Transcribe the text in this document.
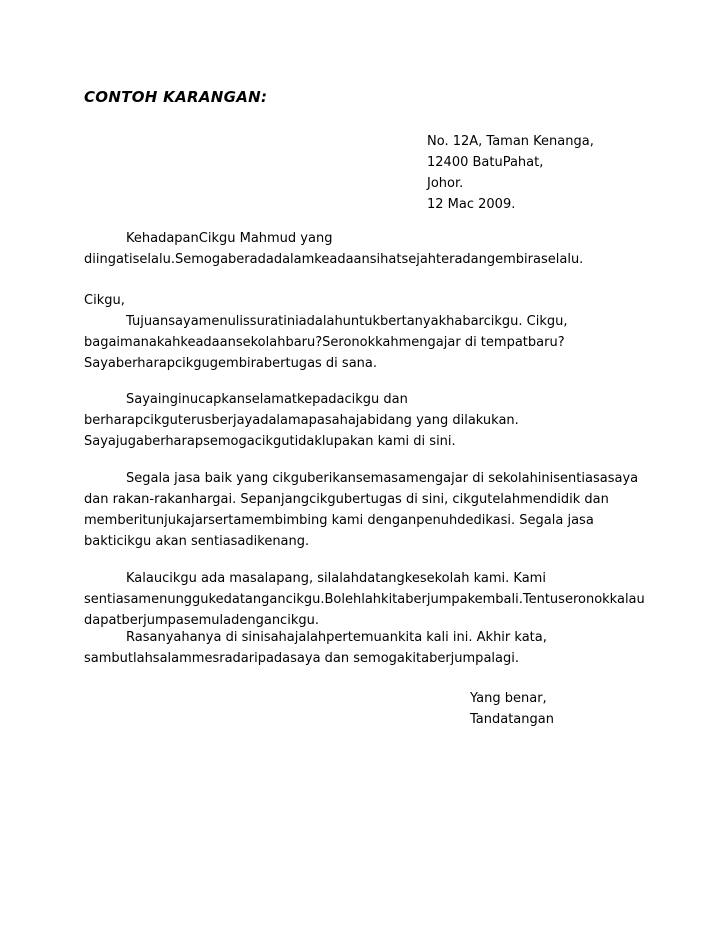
CONTOH KARANGAN:
No. 12A, Taman Kenanga,
12400 BatuPahat,
Johor.
12 Mac 2009.
KehadapanCikgu Mahmud yang
diingatiselalu.Semogaberadadalamkeadaansihatsejahteradangembiraselalu.
Cikgu,
Tujuansayamenulissuratiniadalahuntukbertanyakhabarcikgu. Cikgu,
bagaimanakahkeadaansekolahbaru?Seronokkahmengajar di tempatbaru?
Sayaberharapcikgugembirabertugas di sana.
Sayainginucapkanselamatkepadacikgu dan
berharapcikguterusberjayadalamapasahajabidang yang dilakukan.
Sayajugaberharapsemogacikgutidaklupakan kami di sini.
Segala jasa baik yang cikguberikansemasamengajar di sekolahinisentiasasaya
dan rakan-rakanhargai. Sepanjangcikgubertugas di sini, cikgutelahmendidik dan
memberitunjukajarsertamembimbing kami denganpenuhdedikasi. Segala jasa
bakticikgu akan sentiasadikenang.
Kalaucikgu ada masalapang, silalahdatangkesekolah kami. Kami
sentiasamenunggukedatangancikgu.Bolehlahkitaberjumpakembali.Tentuseronokkalau
dapatberjumpasemuladengancikgu.
Rasanyahanya di sinisahajalahpertemuankita kali ini. Akhir kata,
sambutlahsalammesradaripadasaya dan semogakitaberjumpalagi.
Yang benar,
Tandatangan
